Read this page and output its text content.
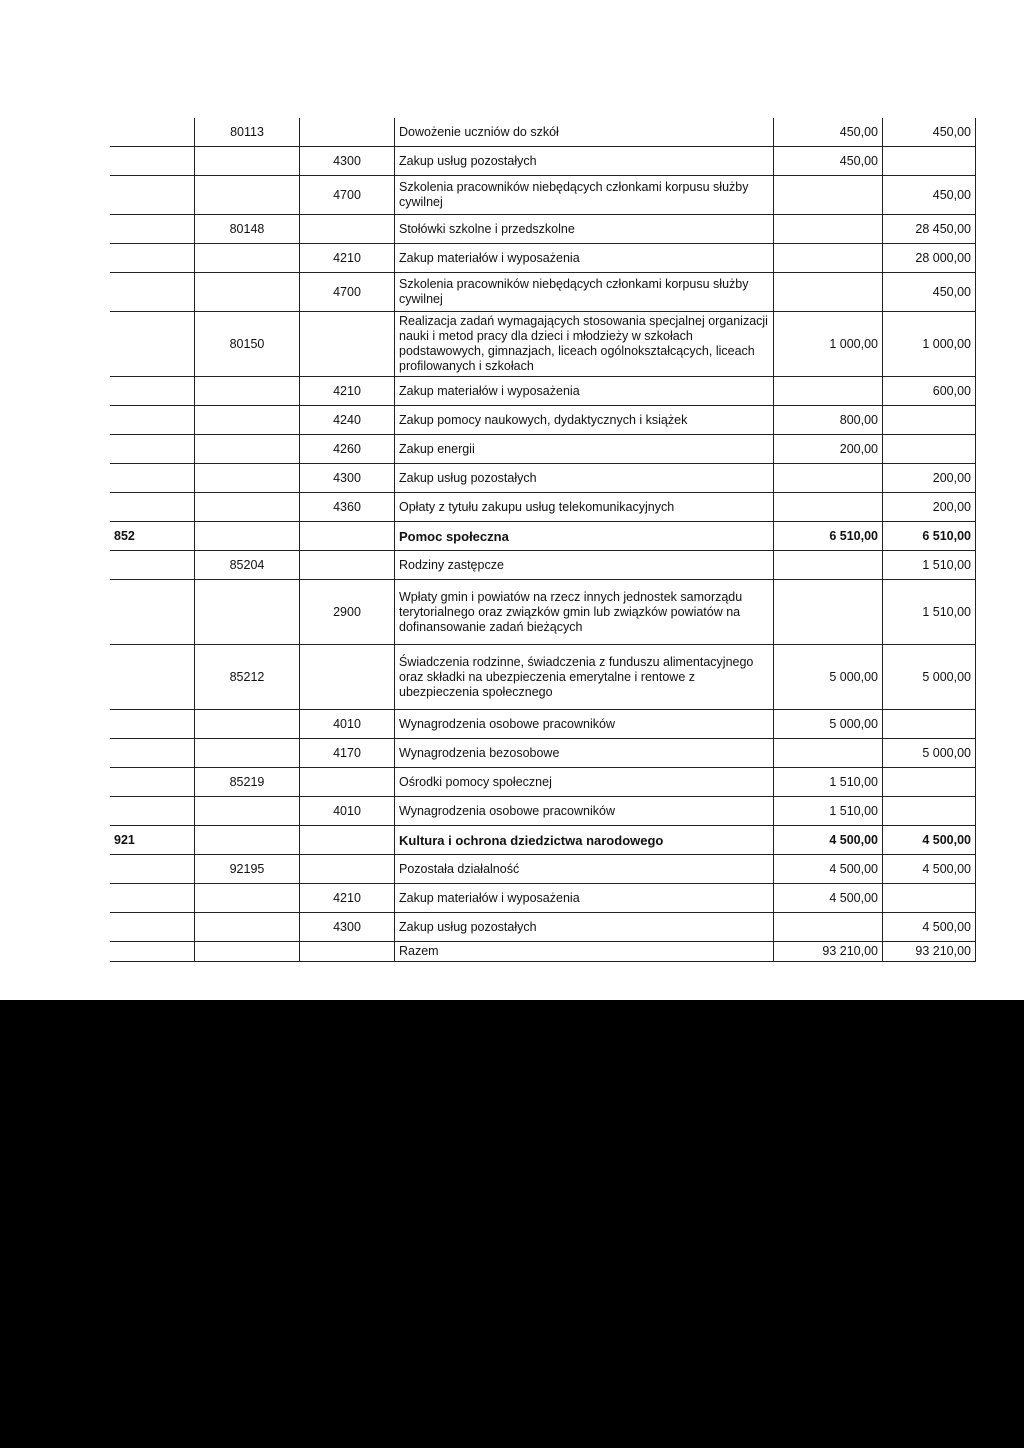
	80113		Dowożenie uczniów do szkół	450,00	450,00
		4300	Zakup usług pozostałych	450,00	
		4700	Szkolenia pracowników niebędących członkami korpusu służby cywilnej		450,00
	80148		Stołówki szkolne i przedszkolne		28 450,00
		4210	Zakup materiałów i wyposażenia		28 000,00
		4700	Szkolenia pracowników niebędących członkami korpusu służby cywilnej		450,00
	80150		Realizacja zadań wymagających stosowania specjalnej organizacji nauki i metod pracy dla dzieci i młodzieży w szkołach podstawowych, gimnazjach, liceach ogólnokształcących, liceach profilowanych i szkołach	1 000,00	1 000,00
		4210	Zakup materiałów i wyposażenia		600,00
		4240	Zakup pomocy naukowych, dydaktycznych i książek	800,00	
		4260	Zakup energii	200,00	
		4300	Zakup usług pozostałych		200,00
		4360	Opłaty z tytułu zakupu usług telekomunikacyjnych		200,00
852			Pomoc społeczna	6 510,00	6 510,00
	85204		Rodziny zastępcze		1 510,00
		2900	Wpłaty gmin i powiatów na rzecz innych jednostek samorządu terytorialnego oraz związków gmin lub związków powiatów na dofinansowanie zadań bieżących		1 510,00
	85212		Świadczenia rodzinne, świadczenia z funduszu alimentacyjnego oraz składki na ubezpieczenia emerytalne i rentowe z ubezpieczenia społecznego	5 000,00	5 000,00
		4010	Wynagrodzenia osobowe pracowników	5 000,00	
		4170	Wynagrodzenia bezosobowe		5 000,00
	85219		Ośrodki pomocy społecznej	1 510,00	
		4010	Wynagrodzenia osobowe pracowników	1 510,00	
921			Kultura i ochrona dziedzictwa narodowego	4 500,00	4 500,00
	92195		Pozostała działalność	4 500,00	4 500,00
		4210	Zakup materiałów i wyposażenia	4 500,00	
		4300	Zakup usług pozostałych		4 500,00
			Razem	93 210,00	93 210,00
